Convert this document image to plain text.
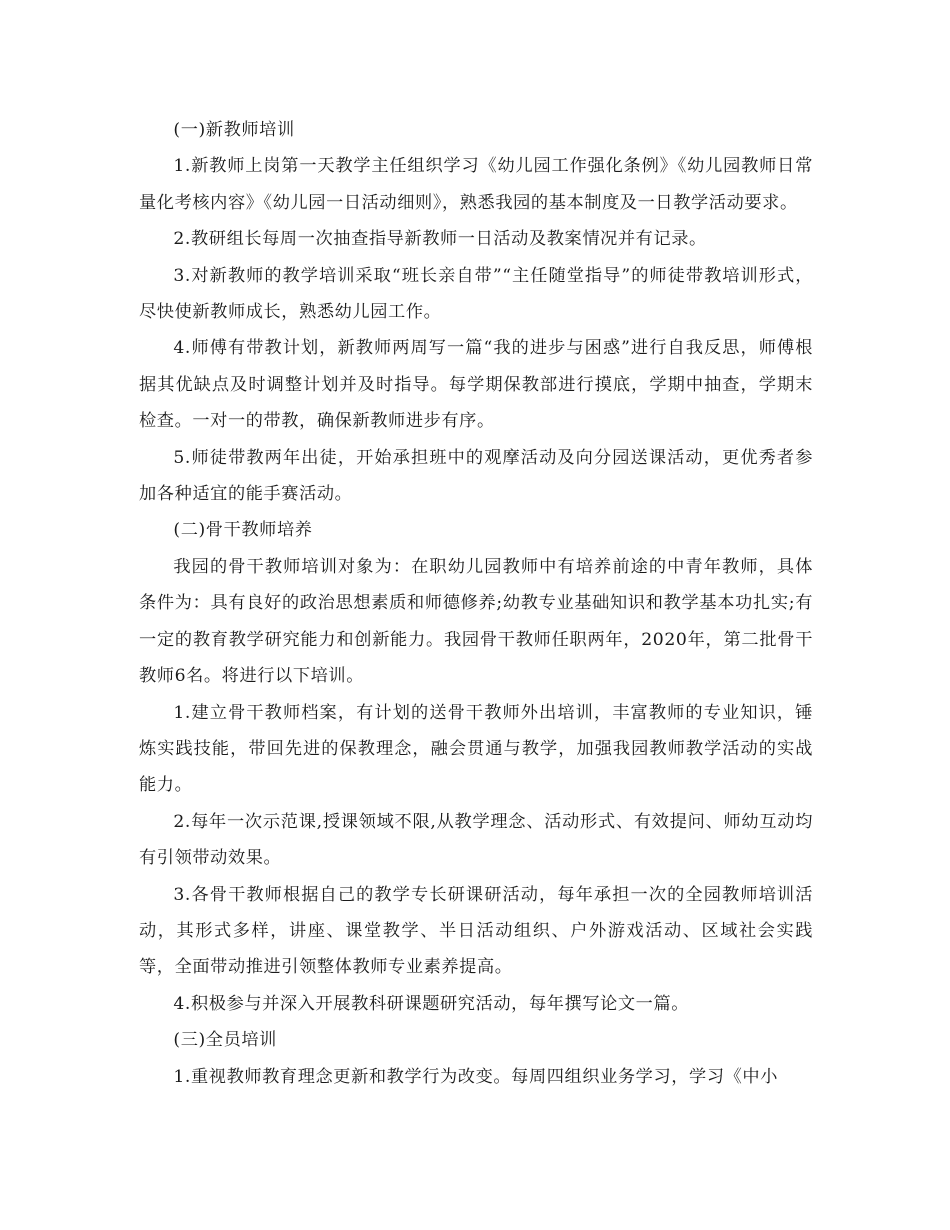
(一)新教师培训

1.新教师上岗第一天教学主任组织学习《幼儿园工作强化条例》《幼儿园教师日常量化考核内容》《幼儿园一日活动细则》，熟悉我园的基本制度及一日教学活动要求。

2.教研组长每周一次抽查指导新教师一日活动及教案情况并有记录。

3.对新教师的教学培训采取“班长亲自带”“主任随堂指导”的师徒带教培训形式，尽快使新教师成长，熟悉幼儿园工作。

4.师傅有带教计划，新教师两周写一篇“我的进步与困惑”进行自我反思，师傅根据其优缺点及时调整计划并及时指导。每学期保教部进行摸底，学期中抽查，学期末检查。一对一的带教，确保新教师进步有序。

5.师徒带教两年出徒，开始承担班中的观摩活动及向分园送课活动，更优秀者参加各种适宜的能手赛活动。

(二)骨干教师培养

我园的骨干教师培训对象为：在职幼儿园教师中有培养前途的中青年教师，具体条件为：具有良好的政治思想素质和师德修养;幼教专业基础知识和教学基本功扎实;有一定的教育教学研究能力和创新能力。我园骨干教师任职两年，2020年，第二批骨干教师6名。将进行以下培训。

1.建立骨干教师档案，有计划的送骨干教师外出培训，丰富教师的专业知识，锤炼实践技能，带回先进的保教理念，融会贯通与教学，加强我园教师教学活动的实战能力。

2.每年一次示范课,授课领域不限,从教学理念、活动形式、有效提问、师幼互动均有引领带动效果。

3.各骨干教师根据自己的教学专长研课研活动，每年承担一次的全园教师培训活动，其形式多样，讲座、课堂教学、半日活动组织、户外游戏活动、区域社会实践等，全面带动推进引领整体教师专业素养提高。

4.积极参与并深入开展教科研课题研究活动，每年撰写论文一篇。

(三)全员培训

1.重视教师教育理念更新和教学行为改变。每周四组织业务学习，学习《中小
